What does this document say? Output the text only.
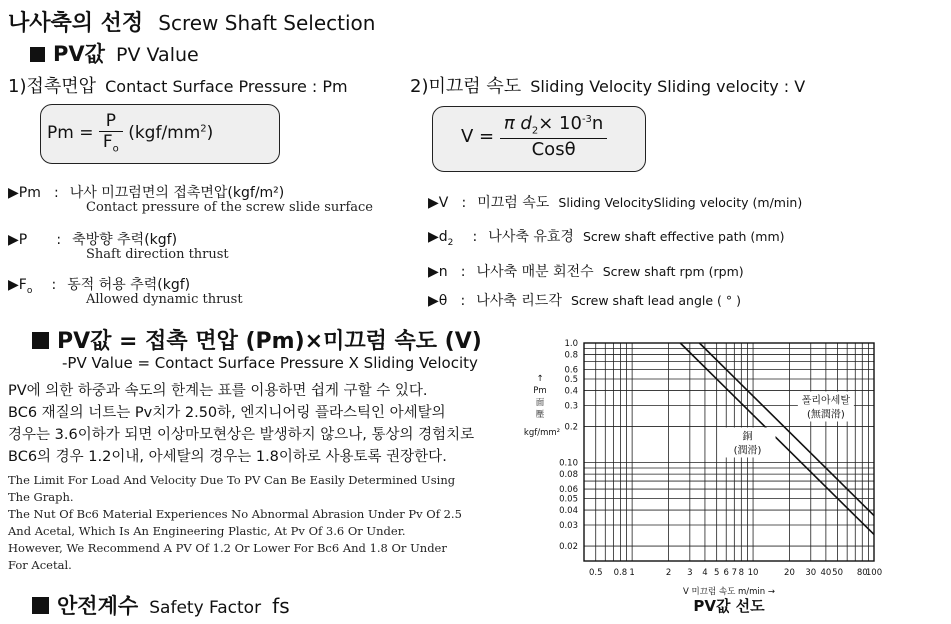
나사축의 선정 Screw Shaft Selection
PV값 PV Value
1)접촉면압 Contact Surface Pressure : Pm
$Pm = \frac{P}{F_o} (kgf/mm^2)$
▶Pm : 나사 미끄럼면의 접촉면압(kgf/m²)
Contact pressure of the screw slide surface
▶P : 축방향 추력(kgf)
Shaft direction thrust
$▶F_o$ : 동적 허용 추력(kgf)
Allowed dynamic thrust
2)미끄럼 속도 Sliding Velocity Sliding velocity : V
$V = \frac{\pi d_2\times 10^{-3}n}{\text{Cosθ}}$
▶V : 미끄럼 속도 Sliding VelocitySliding velocity (m/min)
$▶d_2$ : 나사축 유효경 Screw shaft effective path (mm)
▶n : 나사축 매분 회전수 Screw shaft rpm (rpm)
▶θ : 나사축 리드각 Screw shaft lead angle ( ° )
PV값 = 접촉 면압 (Pm)×미끄럼 속도 (V)
-PV Value = Contact Surface Pressure X Sliding Velocity
PV에 의한 하중과 속도의 한계는 표를 이용하면 쉽게 구할 수 있다.
BC6 재질의 너트는 Pv치가 2.50하, 엔지니어링 플라스틱인 아세탈의
경우는 3.6이하가 되면 이상마모현상은 발생하지 않으나, 통상의 경험치로
BC6의 경우 1.2이내, 아세탈의 경우는 1.8이하로 사용토록 권장한다.
The Limit For Load And Velocity Due To PV Can Be Easily Determined Using
The Graph.
The Nut Of Bc6 Material Experiences No Abnormal Abrasion Under Pv Of 2.5
And Acetal, Which Is An Engineering Plastic, At Pv Of 3.6 Or Under.
However, We Recommend A PV Of 1.2 Or Lower For Bc6 And 1.8 Or Under
For Acetal.
안전계수 Safety Factor fs
0.02
0.03
0.04
0.05
0.06
0.08
0.10
0.2
0.3
0.4
0.5
0.6
0.8
1.0
0.5 0.8 1	2 3 4 5 6 7 8 10	20 30 40 50 80
100
↑
Pm
面
壓
kgf/mm²
폴리아세탈
(無潤滑)
銅
(潤滑)
V 미끄럼 속도 m/min →
PV값 선도
